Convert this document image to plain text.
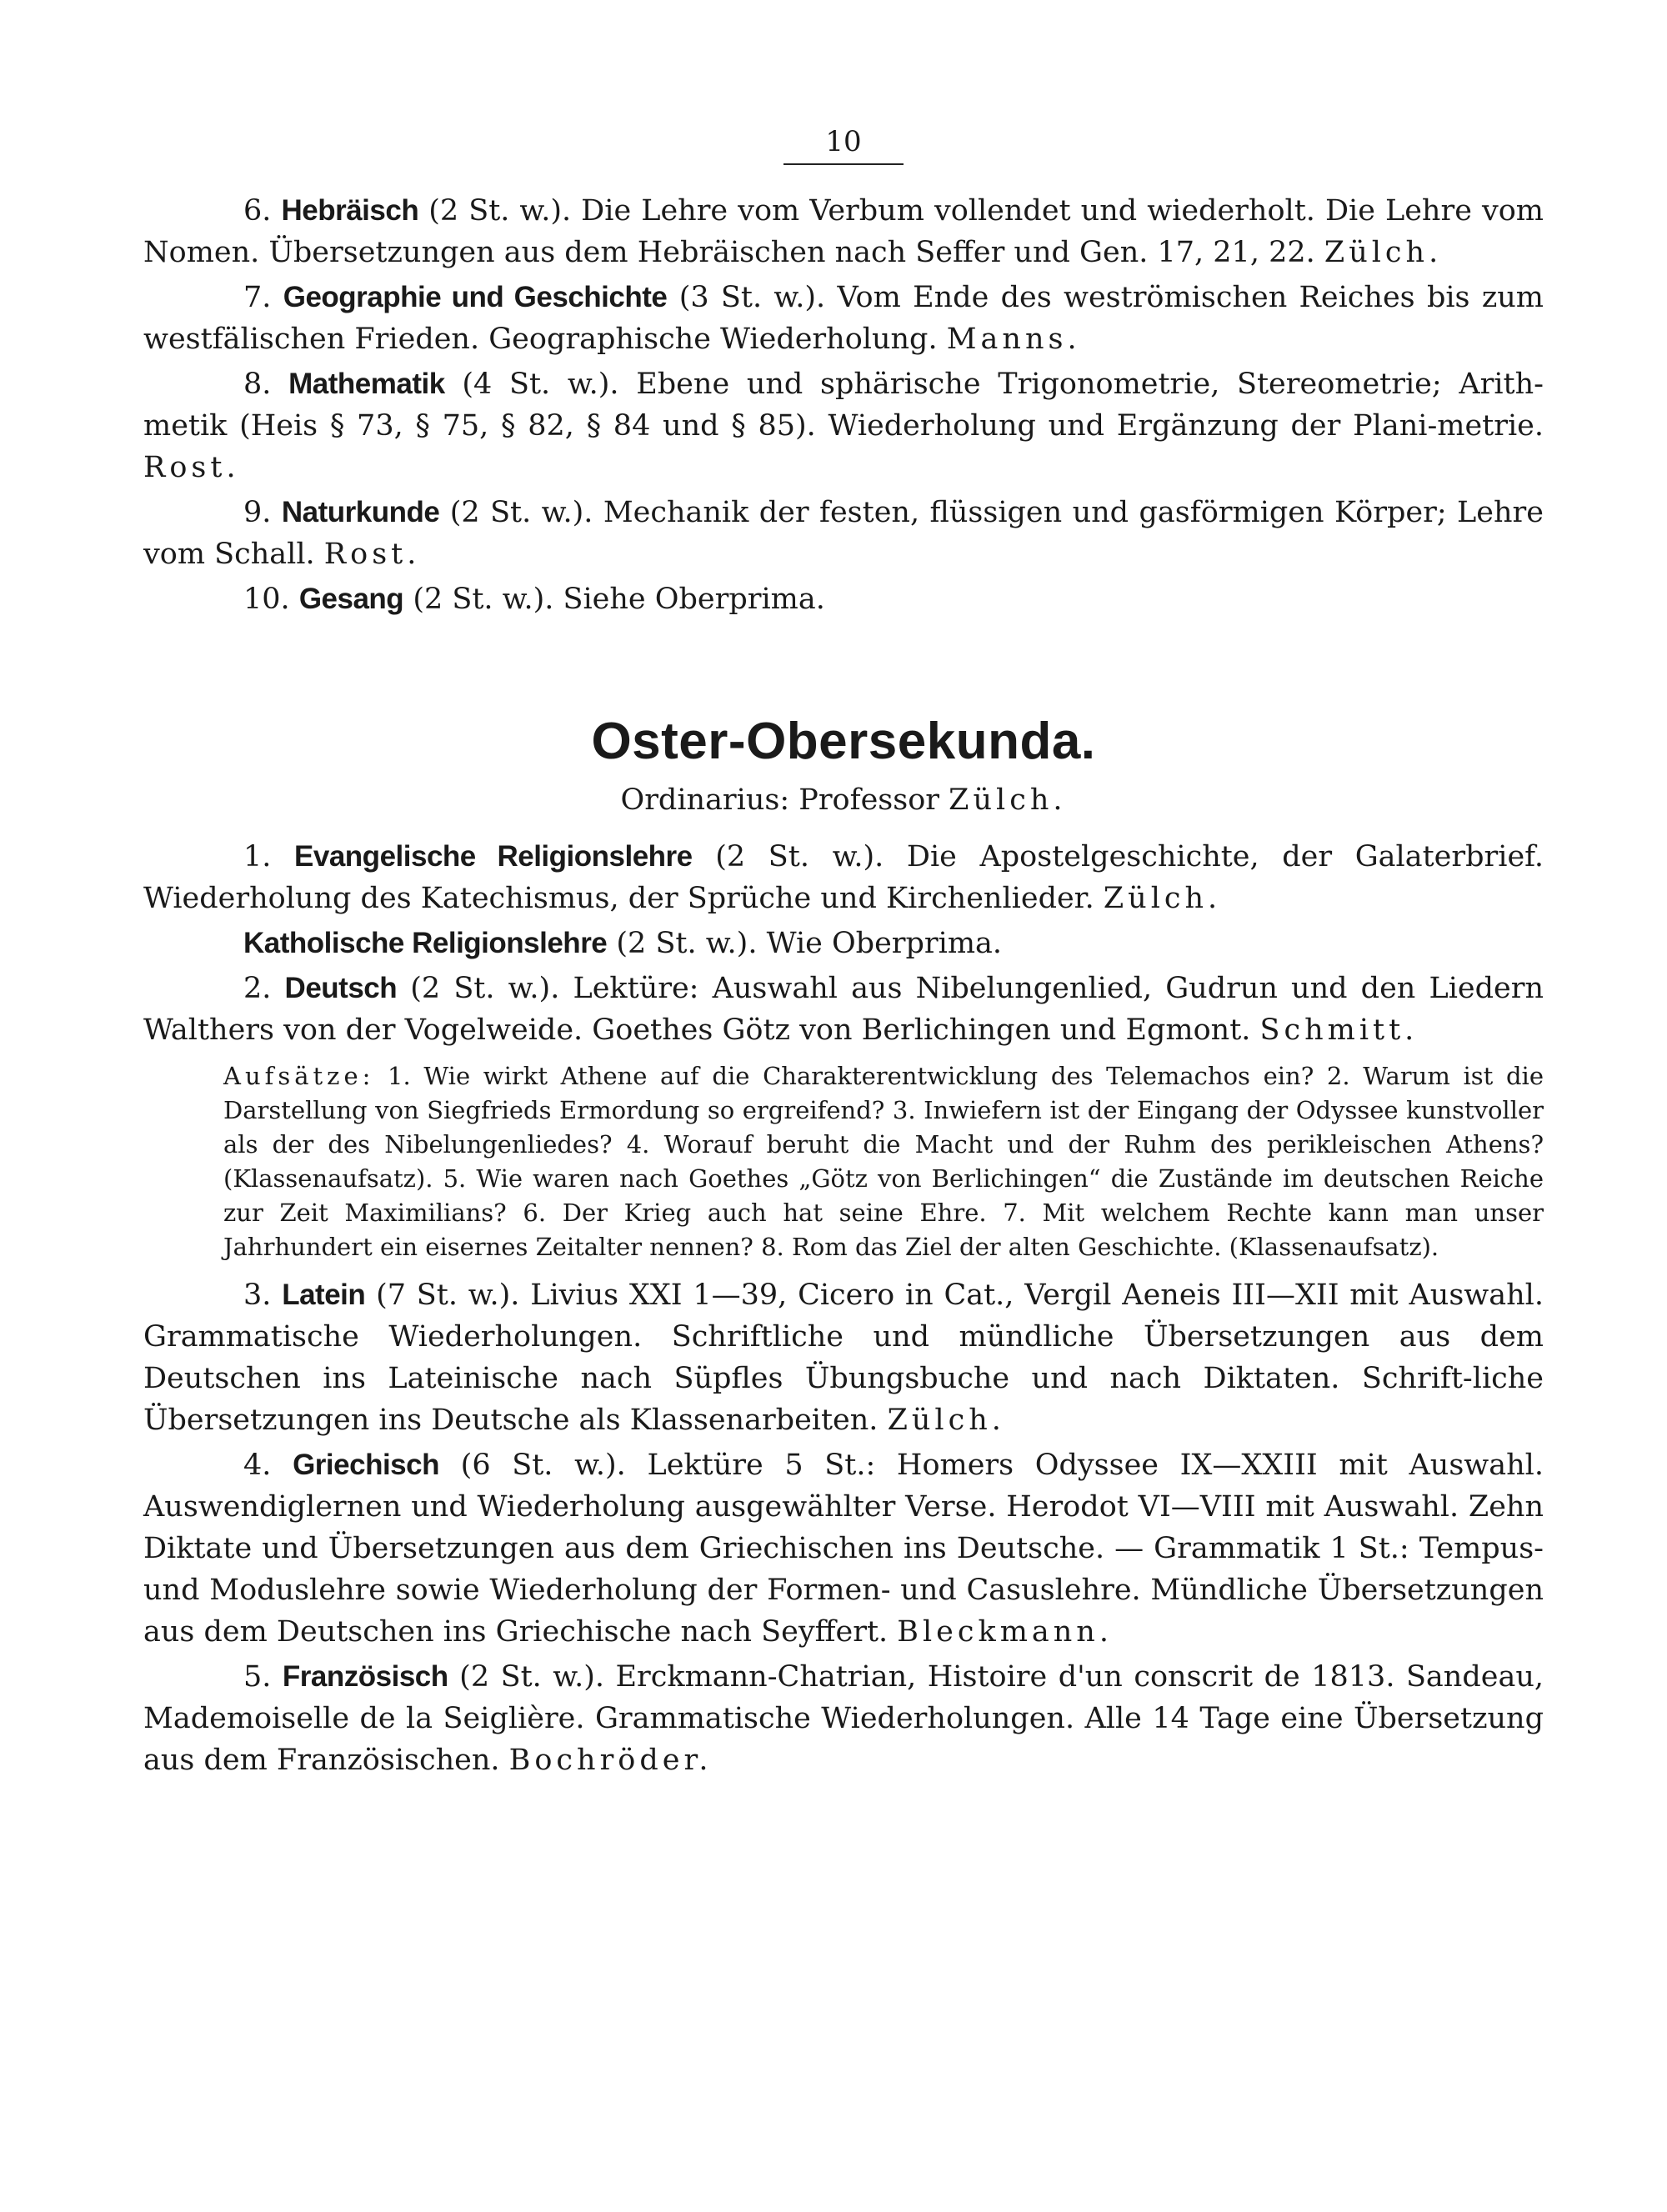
10

6. Hebräisch (2 St. w.). Die Lehre vom Verbum vollendet und wiederholt. Die Lehre vom Nomen. Übersetzungen aus dem Hebräischen nach Seffer und Gen. 17, 21, 22. Zülch.

7. Geographie und Geschichte (3 St. w.). Vom Ende des weströmischen Reiches bis zum westfälischen Frieden. Geographische Wiederholung. Manns.

8. Mathematik (4 St. w.). Ebene und sphärische Trigonometrie, Stereometrie; Arith-metik (Heis § 73, § 75, § 82, § 84 und § 85). Wiederholung und Ergänzung der Plani-metrie. Rost.

9. Naturkunde (2 St. w.). Mechanik der festen, flüssigen und gasförmigen Körper; Lehre vom Schall. Rost.

10. Gesang (2 St. w.). Siehe Oberprima.

Oster-Obersekunda.
Ordinarius: Professor Zülch.

1. Evangelische Religionslehre (2 St. w.). Die Apostelgeschichte, der Galaterbrief. Wiederholung des Katechismus, der Sprüche und Kirchenlieder. Zülch.

Katholische Religionslehre (2 St. w.). Wie Oberprima.

2. Deutsch (2 St. w.). Lektüre: Auswahl aus Nibelungenlied, Gudrun und den Liedern Walthers von der Vogelweide. Goethes Götz von Berlichingen und Egmont. Schmitt.

Aufsätze: 1. Wie wirkt Athene auf die Charakterentwicklung des Telemachos ein? 2. Warum ist die Darstellung von Siegfrieds Ermordung so ergreifend? 3. Inwiefern ist der Eingang der Odyssee kunstvoller als der des Nibelungenliedes? 4. Worauf beruht die Macht und der Ruhm des perikleischen Athens? (Klassenaufsatz). 5. Wie waren nach Goethes „Götz von Berlichingen“ die Zustände im deutschen Reiche zur Zeit Maximilians? 6. Der Krieg auch hat seine Ehre. 7. Mit welchem Rechte kann man unser Jahrhundert ein eisernes Zeitalter nennen? 8. Rom das Ziel der alten Geschichte. (Klassenaufsatz).

3. Latein (7 St. w.). Livius XXI 1—39, Cicero in Cat., Vergil Aeneis III—XII mit Auswahl. Grammatische Wiederholungen. Schriftliche und mündliche Übersetzungen aus dem Deutschen ins Lateinische nach Süpfles Übungsbuche und nach Diktaten. Schrift-liche Übersetzungen ins Deutsche als Klassenarbeiten. Zülch.

4. Griechisch (6 St. w.). Lektüre 5 St.: Homers Odyssee IX—XXIII mit Auswahl. Auswendiglernen und Wiederholung ausgewählter Verse. Herodot VI—VIII mit Auswahl. Zehn Diktate und Übersetzungen aus dem Griechischen ins Deutsche. — Grammatik 1 St.: Tempus- und Moduslehre sowie Wiederholung der Formen- und Casuslehre. Mündliche Übersetzungen aus dem Deutschen ins Griechische nach Seyffert. Bleckmann.

5. Französisch (2 St. w.). Erckmann-Chatrian, Histoire d'un conscrit de 1813. Sandeau, Mademoiselle de la Seiglière. Grammatische Wiederholungen. Alle 14 Tage eine Übersetzung aus dem Französischen. Bochröder.
